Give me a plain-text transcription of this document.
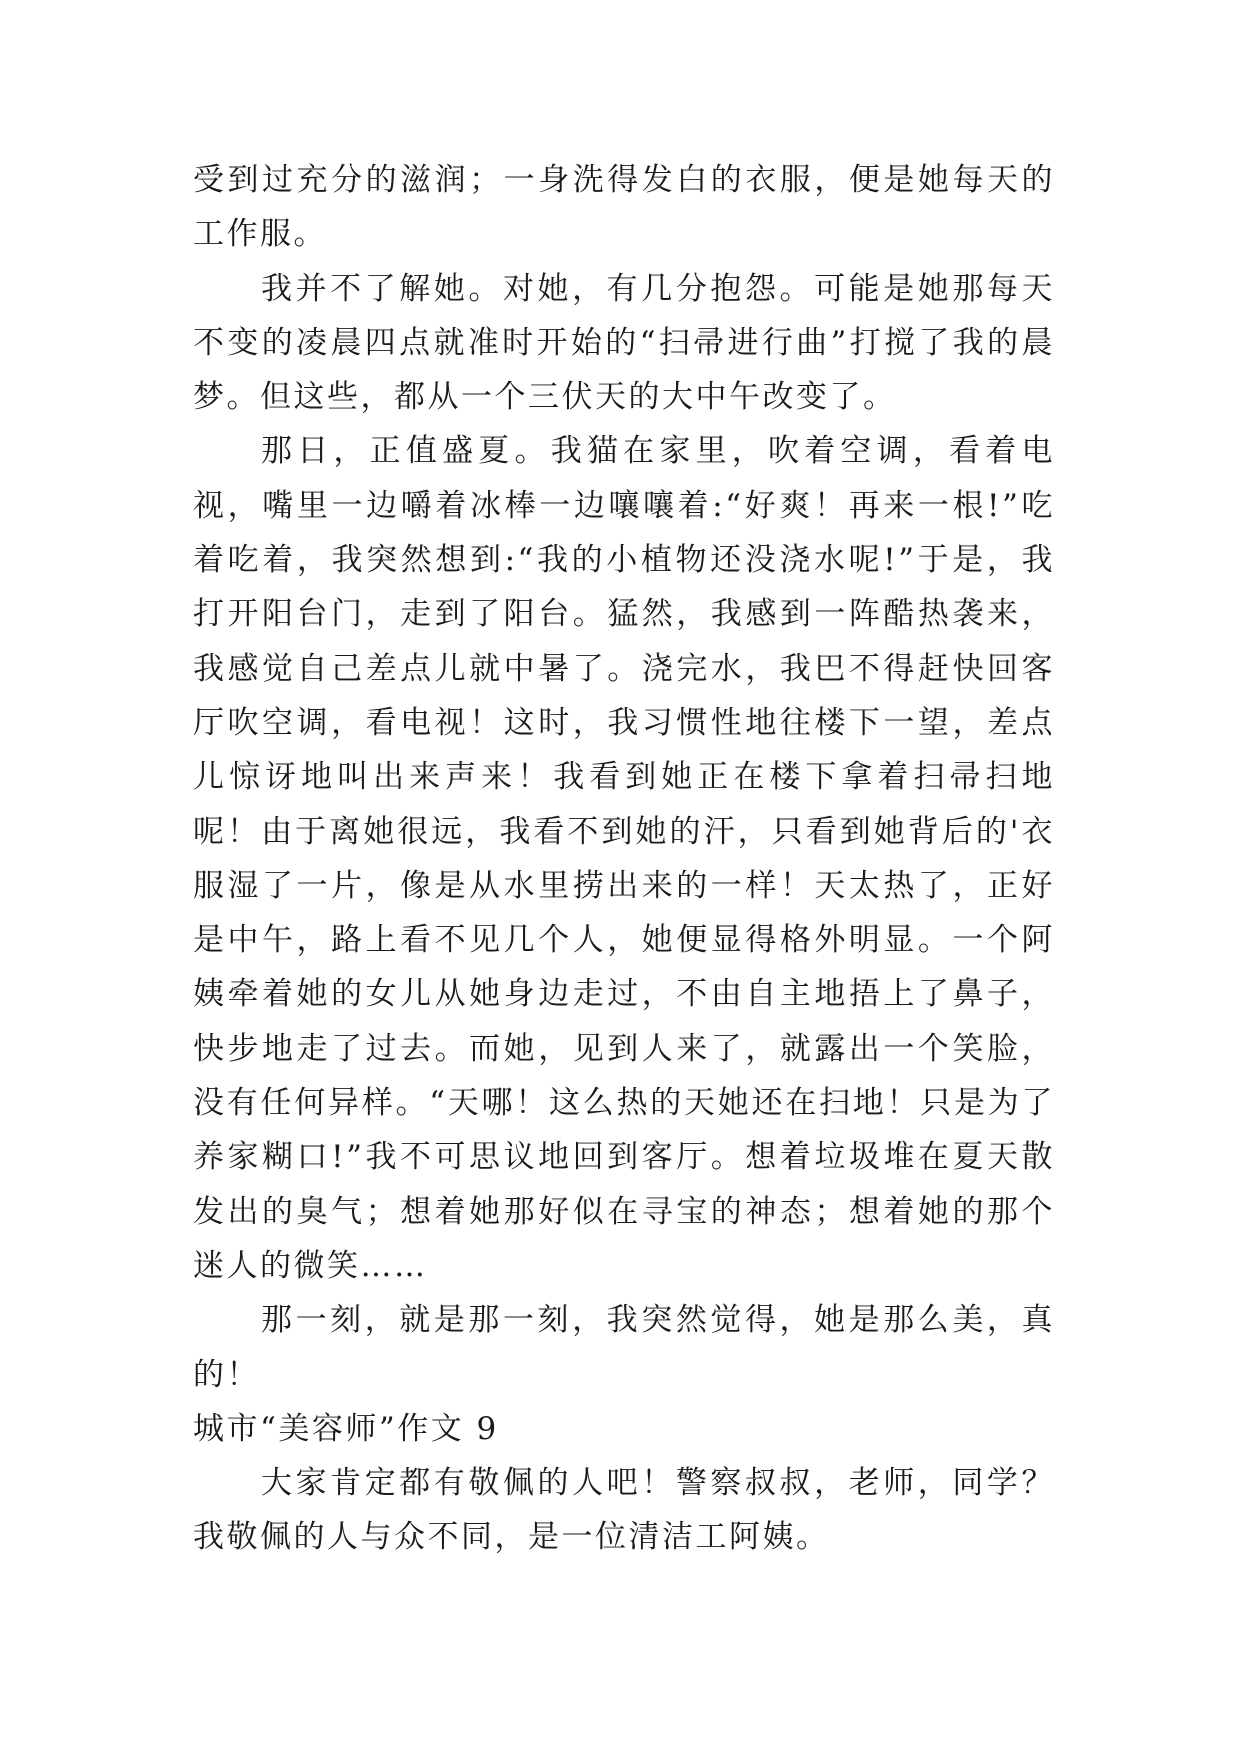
受到过充分的滋润；一身洗得发白的衣服，便是她每天的工作服。

我并不了解她。对她，有几分抱怨。可能是她那每天不变的凌晨四点就准时开始的“扫帚进行曲”打搅了我的晨梦。但这些，都从一个三伏天的大中午改变了。

那日，正值盛夏。我猫在家里，吹着空调，看着电视，嘴里一边嚼着冰棒一边嚷嚷着:“好爽！再来一根!”吃着吃着，我突然想到:“我的小植物还没浇水呢!”于是，我打开阳台门，走到了阳台。猛然，我感到一阵酷热袭来，我感觉自己差点儿就中暑了。浇完水，我巴不得赶快回客厅吹空调，看电视！这时，我习惯性地往楼下一望，差点儿惊讶地叫出来声来！我看到她正在楼下拿着扫帚扫地呢！由于离她很远，我看不到她的汗，只看到她背后的'衣服湿了一片，像是从水里捞出来的一样！天太热了，正好是中午，路上看不见几个人，她便显得格外明显。一个阿姨牵着她的女儿从她身边走过，不由自主地捂上了鼻子，快步地走了过去。而她，见到人来了，就露出一个笑脸，没有任何异样。“天哪！这么热的天她还在扫地！只是为了养家糊口!”我不可思议地回到客厅。想着垃圾堆在夏天散发出的臭气；想着她那好似在寻宝的神态；想着她的那个迷人的微笑……

那一刻，就是那一刻，我突然觉得，她是那么美，真的！

城市“美容师”作文 9

大家肯定都有敬佩的人吧！警察叔叔，老师，同学？我敬佩的人与众不同，是一位清洁工阿姨。
